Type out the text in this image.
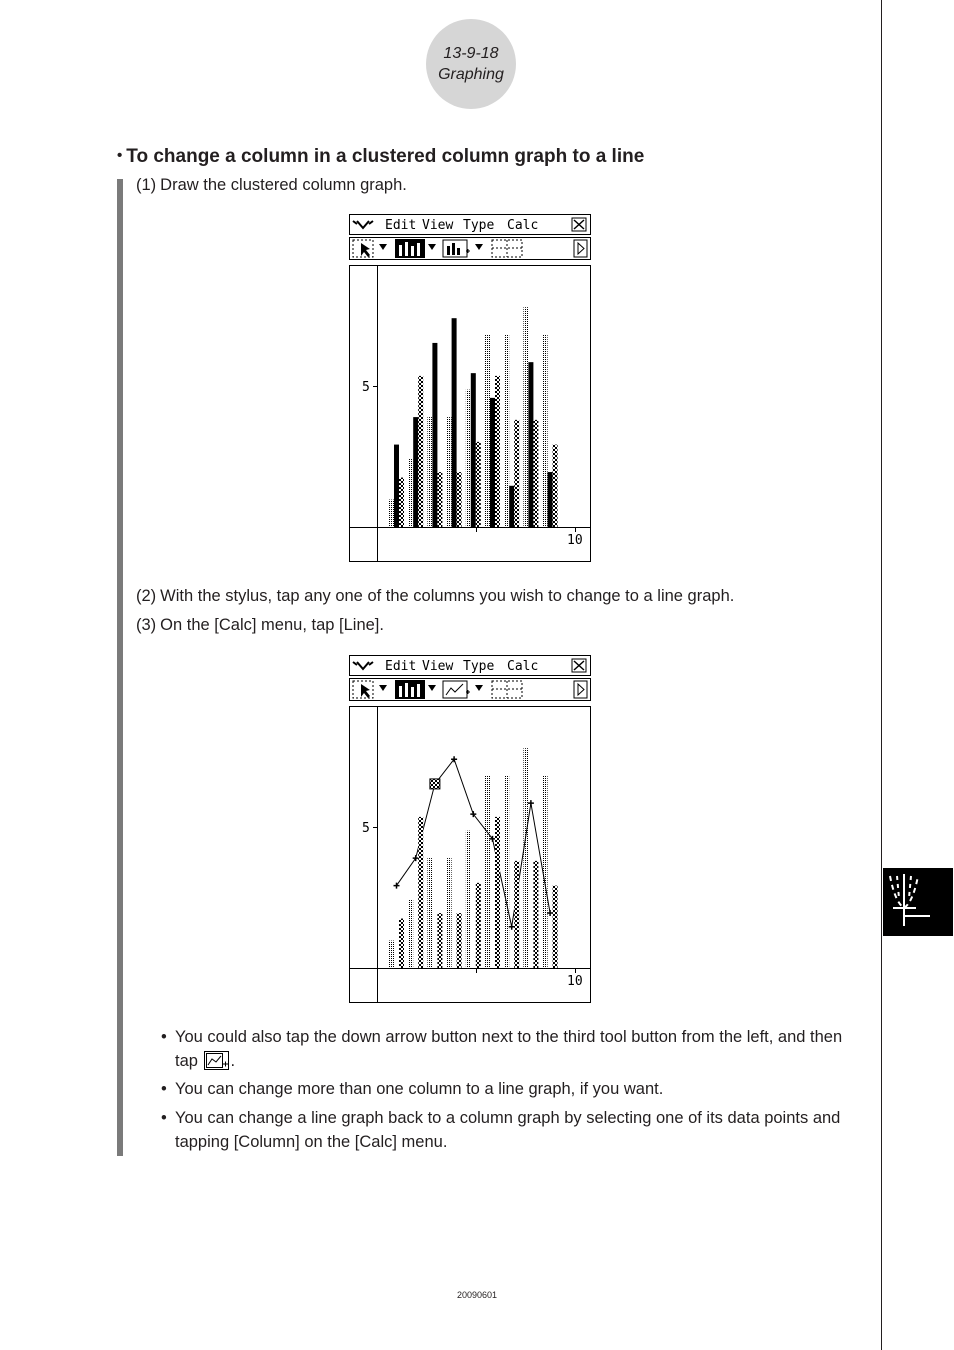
13-9-18
Graphing
• To change a column in a clustered column graph to a line
(1) Draw the clustered column graph.
Edit View Type Calc
5
10
(2) With the stylus, tap any one of the columns you wish to change to a line graph.
(3) On the [Calc] menu, tap [Line].
Edit View Type Calc
5
10
• You could also tap the down arrow button next to the third tool button from the left, and then tap .
• You can change more than one column to a line graph, if you want.
• You can change a line graph back to a column graph by selecting one of its data points and tapping [Column] on the [Calc] menu.
20090601
